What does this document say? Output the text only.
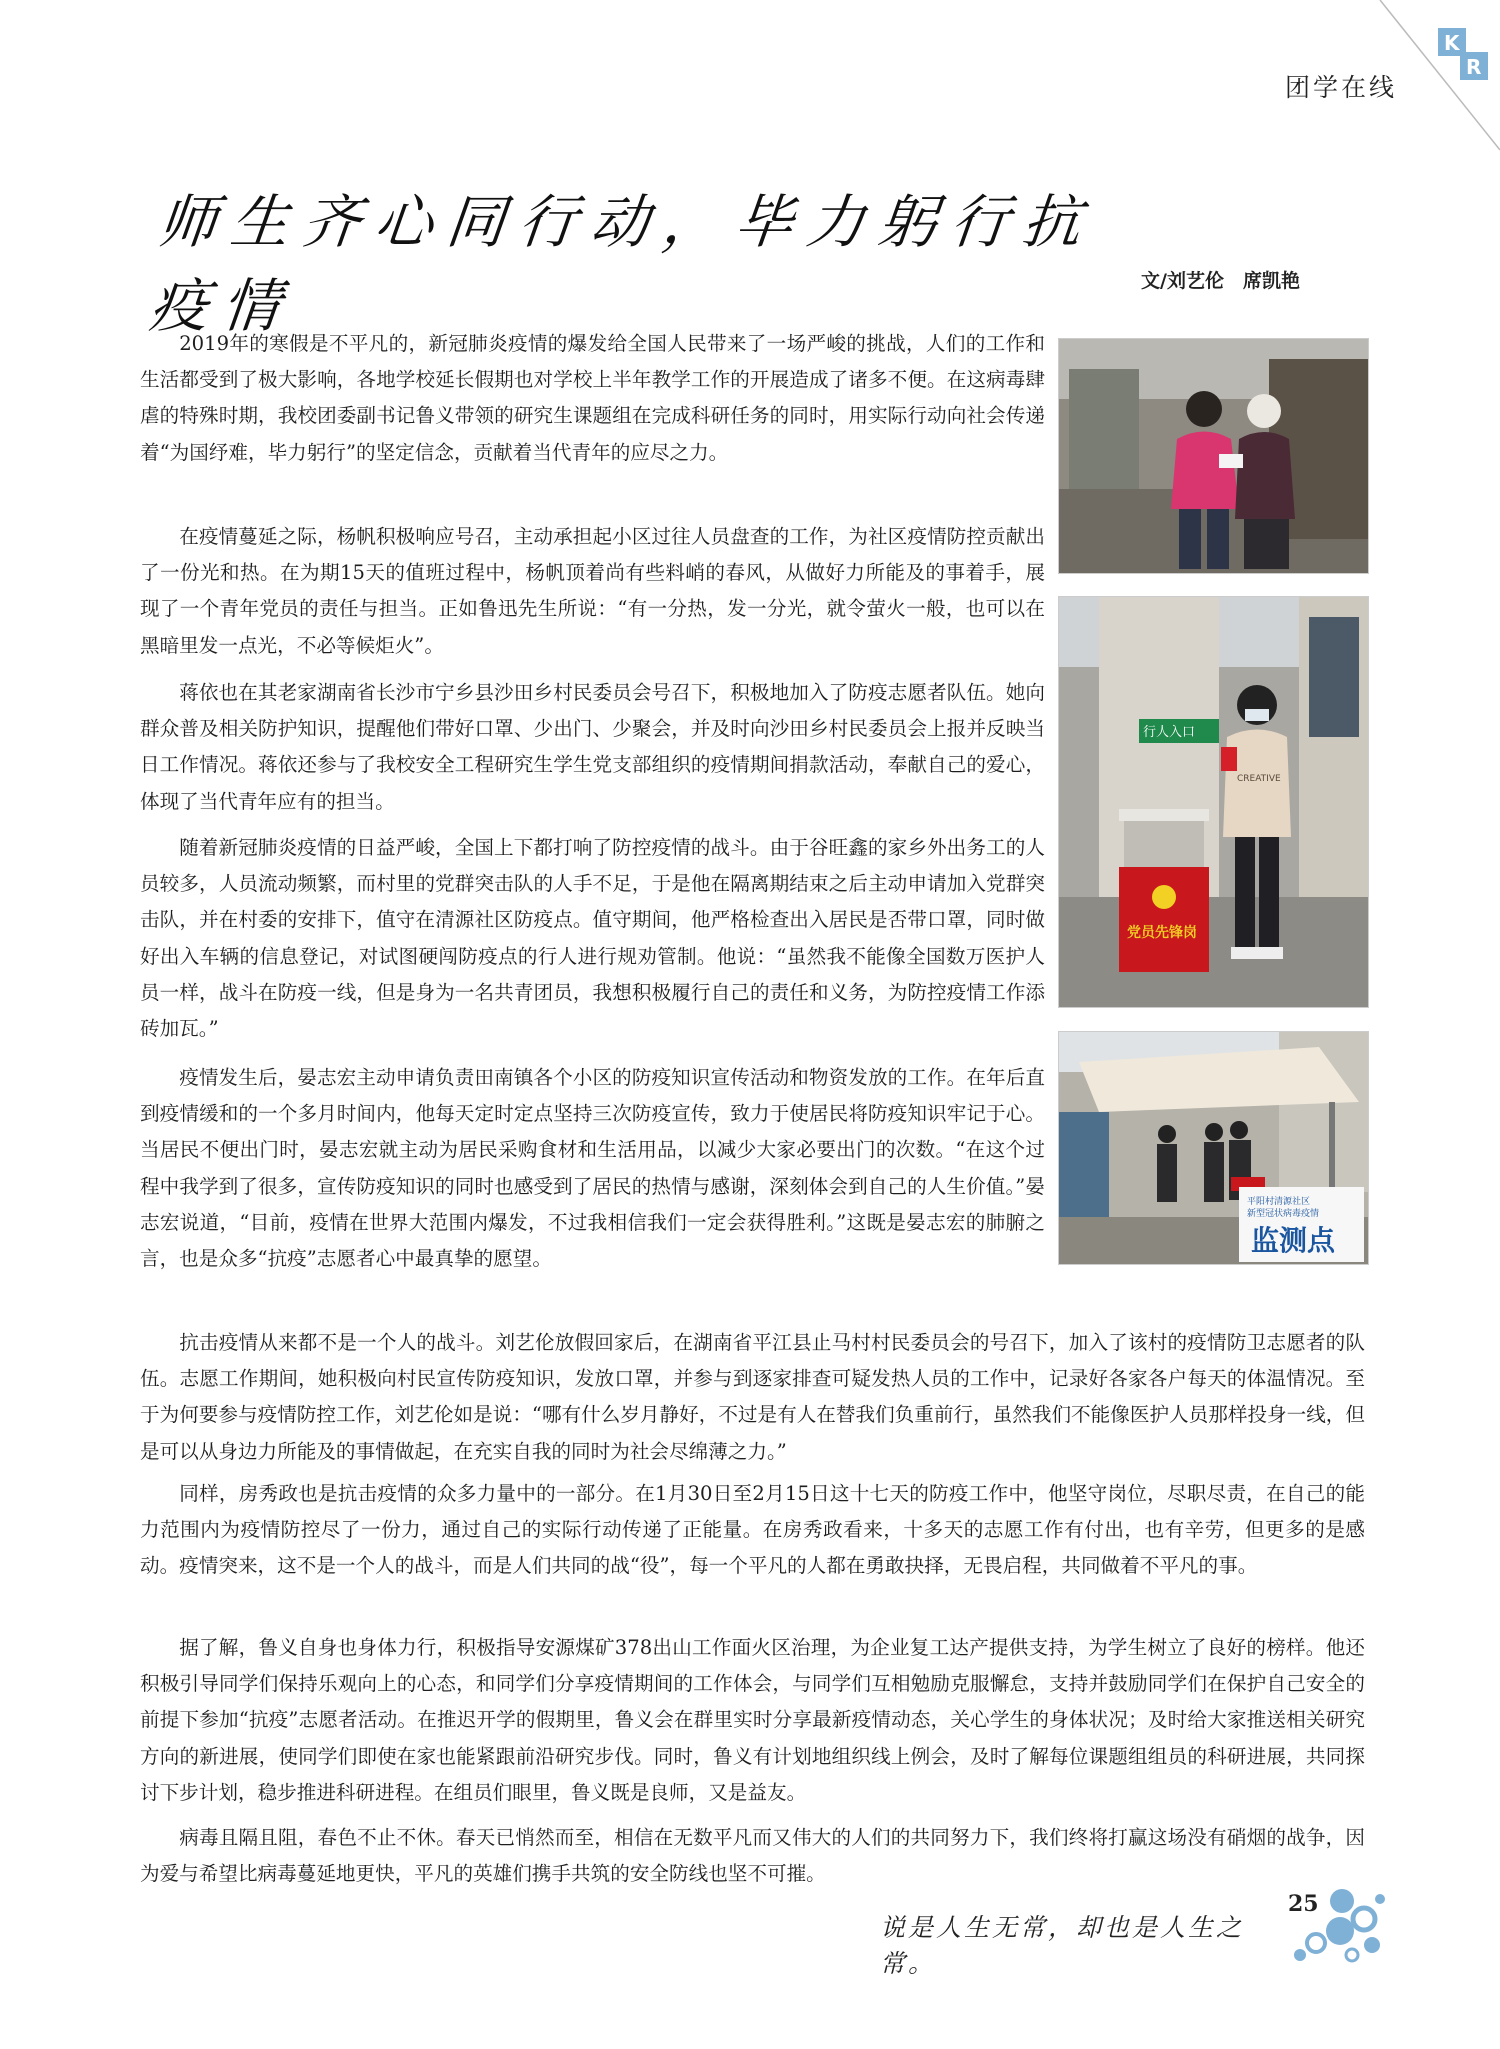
K
R
团学在线
师生齐心同行动，毕力躬行抗疫情	文/刘艺伦　席凯艳

2019年的寒假是不平凡的，新冠肺炎疫情的爆发给全国人民带来了一场严峻的挑战，人们的工作和生活都受到了极大影响，各地学校延长假期也对学校上半年教学工作的开展造成了诸多不便。在这病毒肆虐的特殊时期，我校团委副书记鲁义带领的研究生课题组在完成科研任务的同时，用实际行动向社会传递着“为国纾难，毕力躬行”的坚定信念，贡献着当代青年的应尽之力。

在疫情蔓延之际，杨帆积极响应号召，主动承担起小区过往人员盘查的工作，为社区疫情防控贡献出了一份光和热。在为期15天的值班过程中，杨帆顶着尚有些料峭的春风，从做好力所能及的事着手，展现了一个青年党员的责任与担当。正如鲁迅先生所说：“有一分热，发一分光，就令萤火一般，也可以在黑暗里发一点光，不必等候炬火”。

蒋依也在其老家湖南省长沙市宁乡县沙田乡村民委员会号召下，积极地加入了防疫志愿者队伍。她向群众普及相关防护知识，提醒他们带好口罩、少出门、少聚会，并及时向沙田乡村民委员会上报并反映当日工作情况。蒋依还参与了我校安全工程研究生学生党支部组织的疫情期间捐款活动，奉献自己的爱心，体现了当代青年应有的担当。

随着新冠肺炎疫情的日益严峻，全国上下都打响了防控疫情的战斗。由于谷旺鑫的家乡外出务工的人员较多，人员流动频繁，而村里的党群突击队的人手不足，于是他在隔离期结束之后主动申请加入党群突击队，并在村委的安排下，值守在清源社区防疫点。值守期间，他严格检查出入居民是否带口罩，同时做好出入车辆的信息登记，对试图硬闯防疫点的行人进行规劝管制。他说：“虽然我不能像全国数万医护人员一样，战斗在防疫一线，但是身为一名共青团员，我想积极履行自己的责任和义务，为防控疫情工作添砖加瓦。”

疫情发生后，晏志宏主动申请负责田南镇各个小区的防疫知识宣传活动和物资发放的工作。在年后直到疫情缓和的一个多月时间内，他每天定时定点坚持三次防疫宣传，致力于使居民将防疫知识牢记于心。当居民不便出门时，晏志宏就主动为居民采购食材和生活用品，以减少大家必要出门的次数。“在这个过程中我学到了很多，宣传防疫知识的同时也感受到了居民的热情与感谢，深刻体会到自己的人生价值。”晏志宏说道，“目前，疫情在世界大范围内爆发，不过我相信我们一定会获得胜利。”这既是晏志宏的肺腑之言，也是众多“抗疫”志愿者心中最真挚的愿望。

抗击疫情从来都不是一个人的战斗。刘艺伦放假回家后，在湖南省平江县止马村村民委员会的号召下，加入了该村的疫情防卫志愿者的队伍。志愿工作期间，她积极向村民宣传防疫知识，发放口罩，并参与到逐家排查可疑发热人员的工作中，记录好各家各户每天的体温情况。至于为何要参与疫情防控工作，刘艺伦如是说：“哪有什么岁月静好，不过是有人在替我们负重前行，虽然我们不能像医护人员那样投身一线，但是可以从身边力所能及的事情做起，在充实自我的同时为社会尽绵薄之力。”

同样，房秀政也是抗击疫情的众多力量中的一部分。在1月30日至2月15日这十七天的防疫工作中，他坚守岗位，尽职尽责，在自己的能力范围内为疫情防控尽了一份力，通过自己的实际行动传递了正能量。在房秀政看来，十多天的志愿工作有付出，也有辛劳，但更多的是感动。疫情突来，这不是一个人的战斗，而是人们共同的战“役”，每一个平凡的人都在勇敢抉择，无畏启程，共同做着不平凡的事。

据了解，鲁义自身也身体力行，积极指导安源煤矿378出山工作面火区治理，为企业复工达产提供支持，为学生树立了良好的榜样。他还积极引导同学们保持乐观向上的心态，和同学们分享疫情期间的工作体会，与同学们互相勉励克服懈怠，支持并鼓励同学们在保护自己安全的前提下参加“抗疫”志愿者活动。在推迟开学的假期里，鲁义会在群里实时分享最新疫情动态，关心学生的身体状况；及时给大家推送相关研究方向的新进展，使同学们即使在家也能紧跟前沿研究步伐。同时，鲁义有计划地组织线上例会，及时了解每位课题组组员的科研进展，共同探讨下步计划，稳步推进科研进程。在组员们眼里，鲁义既是良师，又是益友。

病毒且隔且阻，春色不止不休。春天已悄然而至，相信在无数平凡而又伟大的人们的共同努力下，我们终将打赢这场没有硝烟的战争，因为爱与希望比病毒蔓延地更快，平凡的英雄们携手共筑的安全防线也坚不可摧。

行人入口
党员先锋岗
CREATIVE
平阳村清源社区
新型冠状病毒疫情
监测点
说是人生无常，却也是人生之常。
25
